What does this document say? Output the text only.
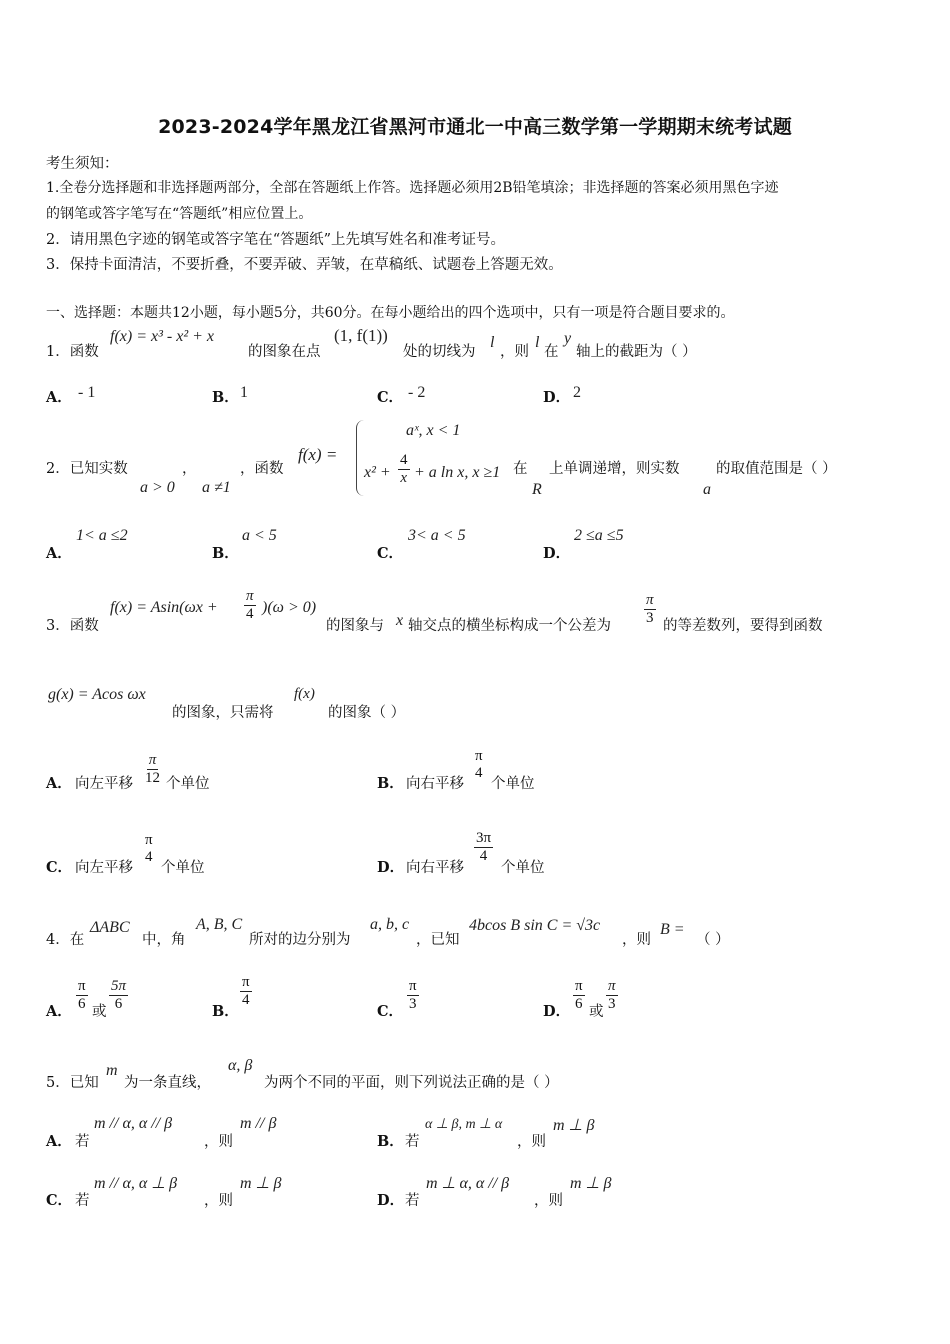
2023-2024学年黑龙江省黑河市通北一中高三数学第一学期期末统考试题
考生须知：
1.全卷分选择题和非选择题两部分，全部在答题纸上作答。选择题必须用2B铅笔填涂；非选择题的答案必须用黑色字迹
的钢笔或答字笔写在“答题纸”相应位置上。
2．请用黑色字迹的钢笔或答字笔在“答题纸”上先填写姓名和准考证号。
3．保持卡面清洁，不要折叠，不要弄破、弄皱，在草稿纸、试题卷上答题无效。
一、选择题：本题共12小题，每小题5分，共60分。在每小题给出的四个选项中，只有一项是符合题目要求的。
1．函数
f(x) = x³ - x² + x
的图象在点
(1, f(1))
处的切线为
l
，则
l
在
y
轴上的截距为（ ）
A． - 1	B． 1	C． - 2	D． 2
2．已知实数	，	，函数
a > 0 a ≠1
f(x) =
aˣ, x < 1
$x^2 + \frac{4}{x} + a$ ln x, x ≥1 在
R
上单调递增，则实数
a
的取值范围是（ ）
A．
1< a ≤2
B．
a < 5
C．
3< a < 5
D．
2 ≤a ≤5
3．函数
$f(x) = Asin(\omega x + \frac{\pi}{4} )(\omega > 0)$
的图象与 x 轴交点的横坐标构成一个公差为 $\frac{\pi}{3}$ 的等差数列，要得到函数
g(x) = Acos ωx
的图象，只需将
f(x)
的图象（ ）
A． 向左平移 $\frac{\pi}{12}$ 个单位	B． 向右平移
π
4
个单位
C． 向左平移
π
4
个单位	D． 向右平移
$\frac{3\pi}{4}$
个单位
4．在
ΔABC
中，角
A, B, C
所对的边分别为
a, b, c
，已知
4bcos B sin C = √3c
，则
B =
（ ）
A． $\frac{\pi}{6}$ 或 $\frac{5\pi}{6}$	B．
$\frac{\pi}{4}$
C． $\frac{\pi}{3}$	D． $\frac{\pi}{6}$ 或 $\frac{\pi}{3}$
5．已知
m
为一条直线，
α, β
为两个不同的平面，则下列说法正确的是（ ）
A． 若
m // α, α // β
，则
m // β
B． 若
α ⊥ β, m ⊥ α
，则
m ⊥ β
C． 若
m // α, α ⊥ β
，则
m ⊥ β
D． 若
m ⊥ α, α // β
，则
m ⊥ β
